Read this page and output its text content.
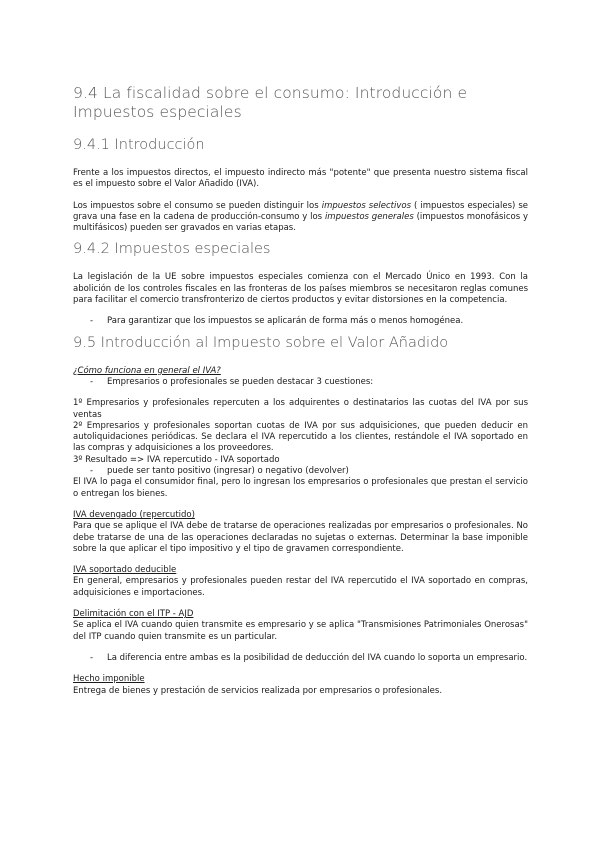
9.4 La fiscalidad sobre el consumo: Introducción e Impuestos especiales
9.4.1 Introducción

Frente a los impuestos directos, el impuesto indirecto más "potente" que presenta nuestro sistema fiscal es el impuesto sobre el Valor Añadido (IVA).

Los impuestos sobre el consumo se pueden distinguir los impuestos selectivos ( impuestos especiales) se grava una fase en la cadena de producción-consumo y los impuestos generales (impuestos monofásicos y multifásicos) pueden ser gravados en varias etapas.

9.4.2 Impuestos especiales

La legislación de la UE sobre impuestos especiales comienza con el Mercado Único en 1993. Con la abolición de los controles fiscales en las fronteras de los países miembros se necesitaron reglas comunes para facilitar el comercio transfronterizo de ciertos productos y evitar distorsiones en la competencia.

-	Para garantizar que los impuestos se aplicarán de forma más o menos homogénea.
9.5 Introducción al Impuesto sobre el Valor Añadido

¿Cómo funciona en general el IVA?

-	Empresarios o profesionales se pueden destacar 3 cuestiones:

1º Empresarios y profesionales repercuten a los adquirentes o destinatarios las cuotas del IVA por sus ventas

2º Empresarios y profesionales soportan cuotas de IVA por sus adquisiciones, que pueden deducir en autoliquidaciones periódicas. Se declara el IVA repercutido a los clientes, restándole el IVA soportado en las compras y adquisiciones a los proveedores.

3º Resultado => IVA repercutido - IVA soportado

-	puede ser tanto positivo (ingresar) o negativo (devolver)

El IVA lo paga el consumidor final, pero lo ingresan los empresarios o profesionales que prestan el servicio o entregan los bienes.

IVA devengado (repercutido)

Para que se aplique el IVA debe de tratarse de operaciones realizadas por empresarios o profesionales. No debe tratarse de una de las operaciones declaradas no sujetas o externas. Determinar la base imponible sobre la que aplicar el tipo impositivo y el tipo de gravamen correspondiente.

IVA soportado deducible

En general, empresarios y profesionales pueden restar del IVA repercutido el IVA soportado en compras, adquisiciones e importaciones.

Delimitación con el ITP - AJD

Se aplica el IVA cuando quien transmite es empresario y se aplica "Transmisiones Patrimoniales Onerosas" del ITP cuando quien transmite es un particular.

-	La diferencia entre ambas es la posibilidad de deducción del IVA cuando lo soporta un empresario.

Hecho imponible

Entrega de bienes y prestación de servicios realizada por empresarios o profesionales.
